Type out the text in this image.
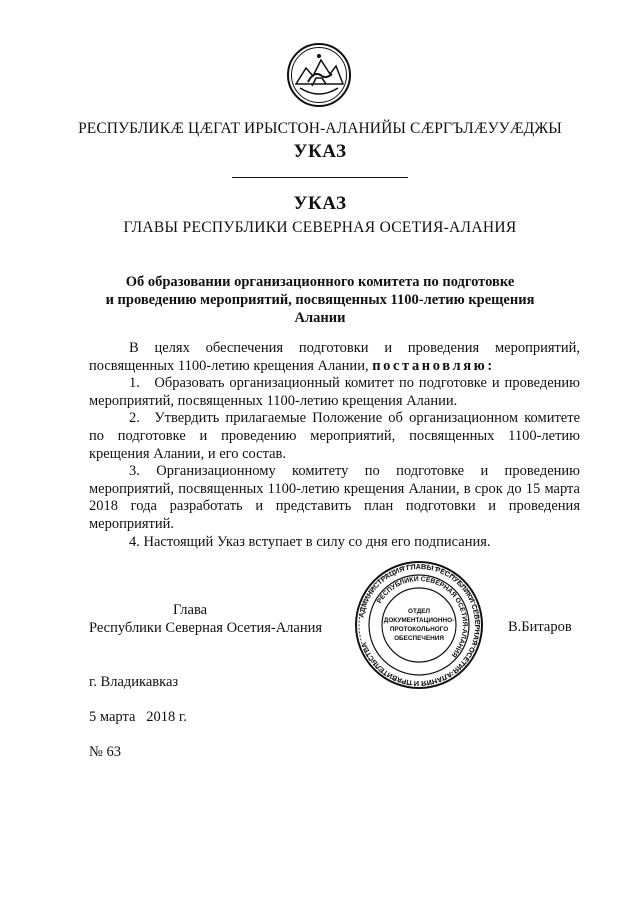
РЕСПУБЛИКÆ ЦÆГАТ ИРЫСТОН-АЛАНИЙЫ СÆРГЪЛÆУУÆДЖЫ

УКАЗ

УКАЗ

ГЛАВЫ РЕСПУБЛИКИ СЕВЕРНАЯ ОСЕТИЯ-АЛАНИЯ

Об образовании организационного комитета по подготовке
и проведению мероприятий, посвященных 1100-летию крещения
Алании

В целях обеспечения подготовки и проведения мероприятий, посвященных 1100-летию крещения Алании, постановляю:

1. Образовать организационный комитет по подготовке и проведению мероприятий, посвященных 1100-летию крещения Алании.

2. Утвердить прилагаемые Положение об организационном комитете по подготовке и проведению мероприятий, посвященных 1100-летию крещения Алании, и его состав.

3. Организационному комитету по подготовке и проведению мероприятий, посвященных 1100-летию крещения Алании, в срок до 15 марта 2018 года разработать и представить план подготовки и проведения мероприятий.

4. Настоящий Указ вступает в силу со дня его подписания.

Глава
Республики Северная Осетия-Алания
АДМИНИСТРАЦИЯ ГЛАВЫ РЕСПУБЛИКИ СЕВЕРНАЯ ОСЕТИЯ-АЛАНИЯ И ПРАВИТЕЛЬСТВА
РЕСПУБЛИКИ СЕВЕРНАЯ ОСЕТИЯ-АЛАНИЯ
ОТДЕЛ
ДОКУМЕНТАЦИОННО-
ПРОТОКОЛЬНОГО
ОБЕСПЕЧЕНИЯ
В.Битаров
г. Владикавказ
5 марта   2018 г.
№ 63
